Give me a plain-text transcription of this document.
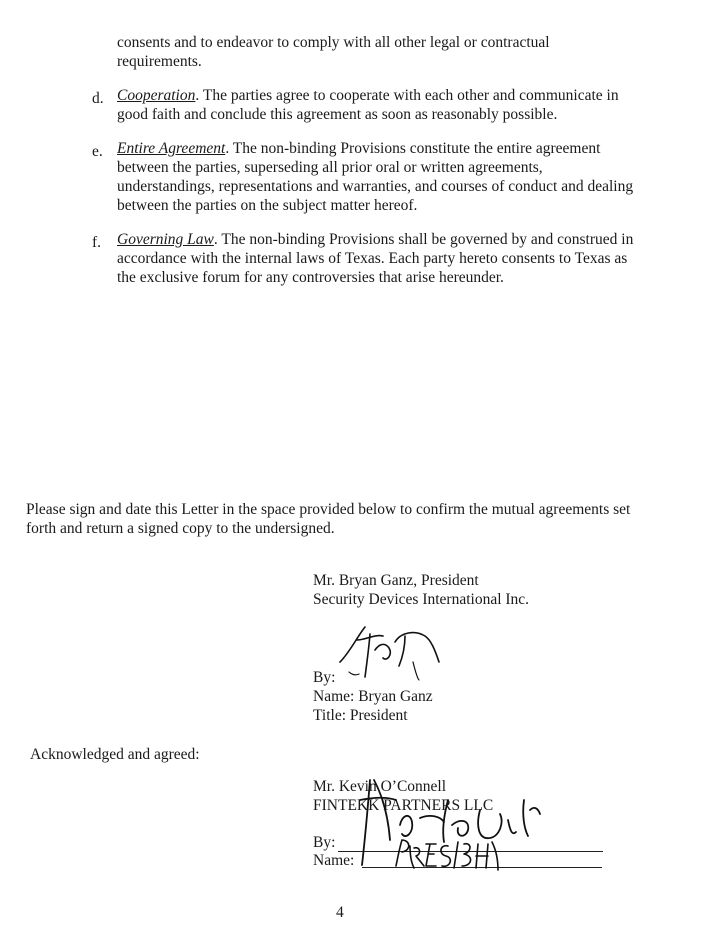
consents and to endeavor to comply with all other legal or contractual requirements.
d. Cooperation. The parties agree to cooperate with each other and communicate in good faith and conclude this agreement as soon as reasonably possible.
e. Entire Agreement. The non-binding Provisions constitute the entire agreement between the parties, superseding all prior oral or written agreements, understandings, representations and warranties, and courses of conduct and dealing between the parties on the subject matter hereof.
f.	Governing Law. The non-binding Provisions shall be governed by and construed in accordance with the internal laws of Texas. Each party hereto consents to Texas as the exclusive forum for any controversies that arise hereunder.
Please sign and date this Letter in the space provided below to confirm the mutual agreements set forth and return a signed copy to the undersigned.
Mr. Bryan Ganz, President
Security Devices International Inc.
By:
Name: Bryan Ganz
Title: President
Acknowledged and agreed:
Mr. Kevin O’Connell
FINTEKK PARTNERS LLC
By:
Name:
4
